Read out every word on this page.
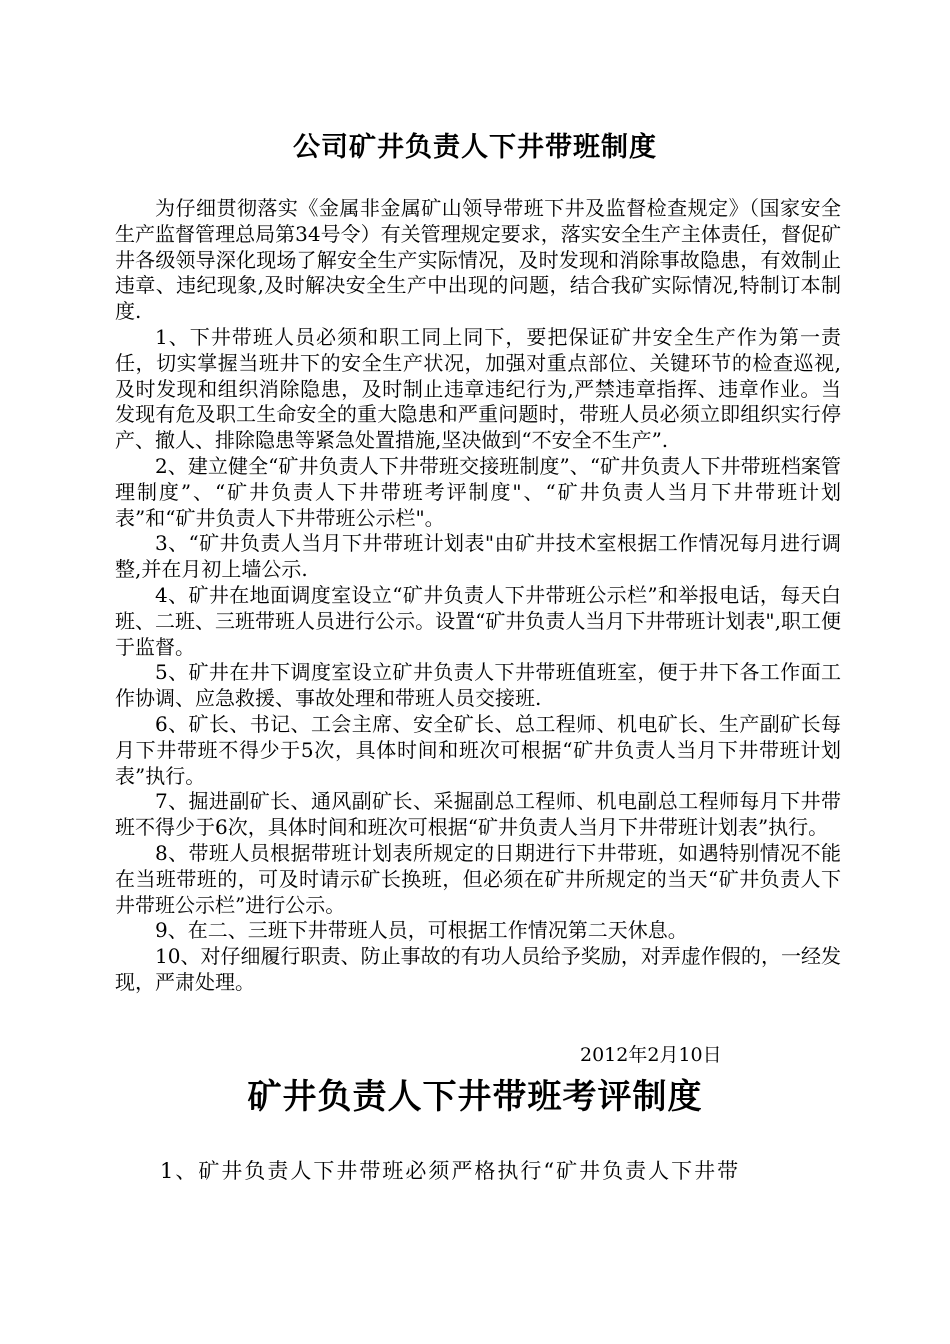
公司矿井负责人下井带班制度

为仔细贯彻落实《金属非金属矿山领导带班下井及监督检查规定》（国家安全生产监督管理总局第34号令）有关管理规定要求，落实安全生产主体责任，督促矿井各级领导深化现场了解安全生产实际情况，及时发现和消除事故隐患，有效制止违章、违纪现象,及时解决安全生产中出现的问题，结合我矿实际情况,特制订本制度.

1、下井带班人员必须和职工同上同下，要把保证矿井安全生产作为第一责任，切实掌握当班井下的安全生产状况，加强对重点部位、关键环节的检查巡视,及时发现和组织消除隐患，及时制止违章违纪行为,严禁违章指挥、违章作业。当发现有危及职工生命安全的重大隐患和严重问题时，带班人员必须立即组织实行停产、撤人、排除隐患等紧急处置措施,坚决做到“不安全不生产”.

2、建立健全“矿井负责人下井带班交接班制度”、“矿井负责人下井带班档案管理制度”、“矿井负责人下井带班考评制度"、“矿井负责人当月下井带班计划表”和“矿井负责人下井带班公示栏"。

3、“矿井负责人当月下井带班计划表"由矿井技术室根据工作情况每月进行调整,并在月初上墙公示.

4、矿井在地面调度室设立“矿井负责人下井带班公示栏”和举报电话，每天白班、二班、三班带班人员进行公示。设置“矿井负责人当月下井带班计划表",职工便于监督。

5、矿井在井下调度室设立矿井负责人下井带班值班室，便于井下各工作面工作协调、应急救援、事故处理和带班人员交接班.

6、矿长、书记、工会主席、安全矿长、总工程师、机电矿长、生产副矿长每月下井带班不得少于5次，具体时间和班次可根据“矿井负责人当月下井带班计划表”执行。

7、掘进副矿长、通风副矿长、采掘副总工程师、机电副总工程师每月下井带班不得少于6次，具体时间和班次可根据“矿井负责人当月下井带班计划表”执行。

8、带班人员根据带班计划表所规定的日期进行下井带班，如遇特别情况不能在当班带班的，可及时请示矿长换班，但必须在矿井所规定的当天“矿井负责人下井带班公示栏”进行公示。

9、在二、三班下井带班人员，可根据工作情况第二天休息。

10、对仔细履行职责、防止事故的有功人员给予奖励，对弄虚作假的，一经发现，严肃处理。

2012年2月10日
矿井负责人下井带班考评制度
1、矿井负责人下井带班必须严格执行“矿井负责人下井带
